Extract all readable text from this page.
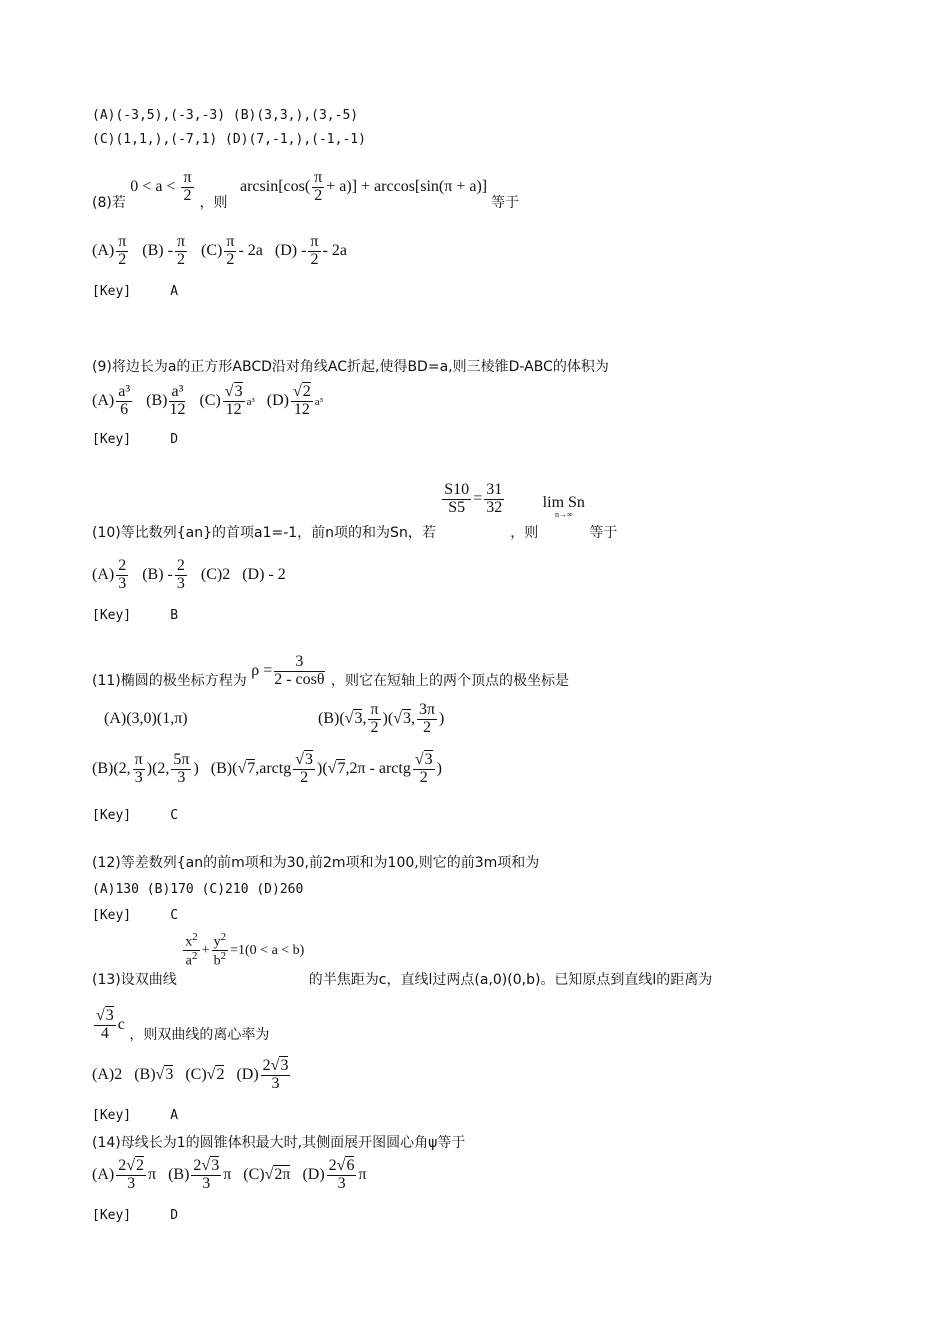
(A)(-3,5),(-3,-3) (B)(3,3,),(3,-5)
(C)(1,1,),(-7,1) (D)(7,-1,),(-1,-1)
(8)若 $0 < a < \frac{\pi}{2}$ ，则 $\arcsin[\cos( \frac{\pi}{2} + a)] + \arccos[\sin(\pi + a)]$ 等于
$(A) \frac{\pi}{2} (B) - \frac{\pi}{2} (C) \frac{\pi}{2} - 2a$ $(D) - \frac{\pi}{2} - 2a$
[Key]	A
(9)将边长为a的正方形ABCD沿对角线AC折起,使得BD=a,则三棱锥D-ABC的体积为
$(A) \frac{\text{a³}}{6} (B) \frac{\text{a³}}{12} (C) \frac{√3}{12} a^3$ $(D) \frac{√2}{12} a^3$
[Key]	D
(10)等比数列{an}的首项a1=-1，前n项的和为Sn，若
$\frac{S10}{S5} = \frac{31}{32}$
，则
lim Sn
n→∞
等于
$(A) \frac{2}{3} (B) - \frac{2}{3} (C)2$ (D) - 2
[Key]	B
(11)椭圆的极坐标方程为 $\rho = \frac{3}{2 - \cos\theta}$ ，则它在短轴上的两个顶点的极坐标是
(A)(3,0)(1,π)	(B)(√3, $\frac{\pi}{2} )(√3$, $\frac{3\pi}{2}$ )
(B)(2, $\frac{\pi}{3} )(2$, $\frac{5\pi}{3}$ )   (B)(√7,arctg $\frac{√3}{2} )(√7,2\pi$ - arctg $\frac{√3}{2}$ )
[Key]	C
(12)等差数列{an的前m项和为30,前2m项和为100,则它的前3m项和为
(A)130 (B)170 (C)210 (D)260
[Key]	C
(13)设双曲线
$\frac{x^2}{a^2} + \frac{y^2}{b^2} =1(0 < a < b)$ 的半焦距为c，直线l过两点(a,0)(0,b)。已知原点到直线l的距离为
$\frac{√3}{4}$ c ，则双曲线的离心率为
(A)2 (B)√3 (C)√2 $(D) \frac{2√3}{3}$
[Key]	A
(14)母线长为1的圆锥体积最大时,其侧面展开图圆心角ψ等于
$(A) \frac{2√2}{3}$ π   $(B) \frac{2√3}{3}$ π   (C)√2π $(D) \frac{2√6}{3}$ π
[Key]	D
